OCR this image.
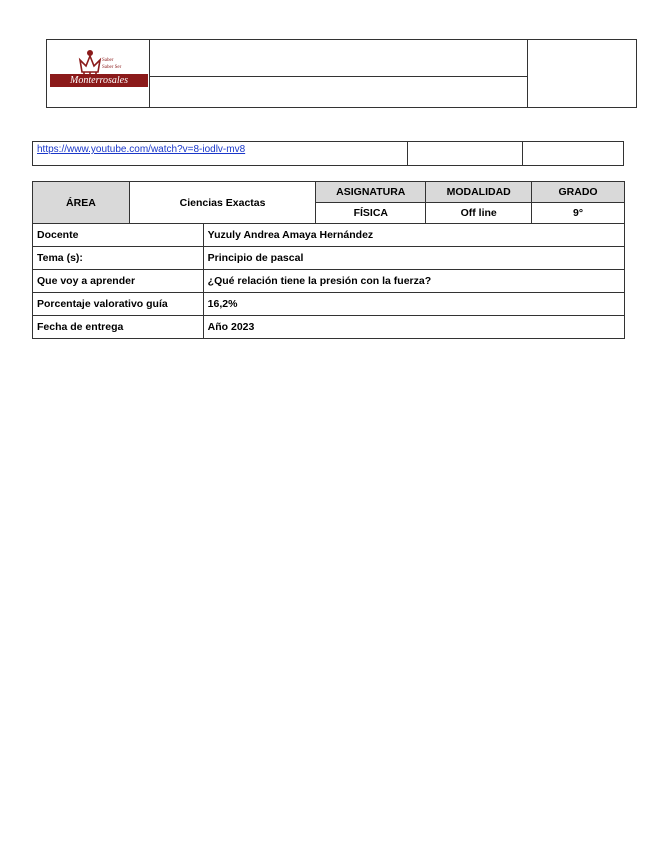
Saber
Saber Ser
Monterrosales
https://www.youtube.com/watch?v=8-iodlv-mv8
ÁREA	Ciencias Exactas		ASIGNATURA	MODALIDAD	GRADO
			FÍSICA	Off line	9°
Docente		Yuzuly Andrea Amaya Hernández			
Tema (s):		Principio de pascal			
Que voy a aprender		¿Qué relación tiene la presión con la fuerza?			
Porcentaje valorativo guía		16,2%			
Fecha de entrega		Año 2023			
